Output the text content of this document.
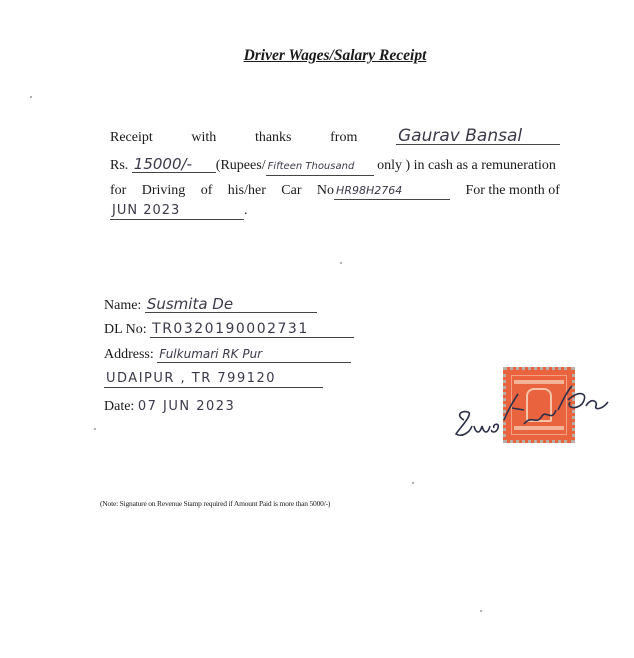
Driver Wages/Salary Receipt
Receipt	with	thanks	from Gaurav Bansal
Rs. 15000/- (Rupees/ Fifteen Thousand only ) in cash as a remuneration
for Driving of his/her Car No HR98H2764	For the month of
JUN 2023	.
Name: Susmita De
DL No: TR0320190002731
Address: Fulkumari RK Pur
UDAIPUR , TR 799120
Date: 07 JUN 2023
(Note: Signature on Revenue Stamp required if Amount Paid is more than 5000/-)
